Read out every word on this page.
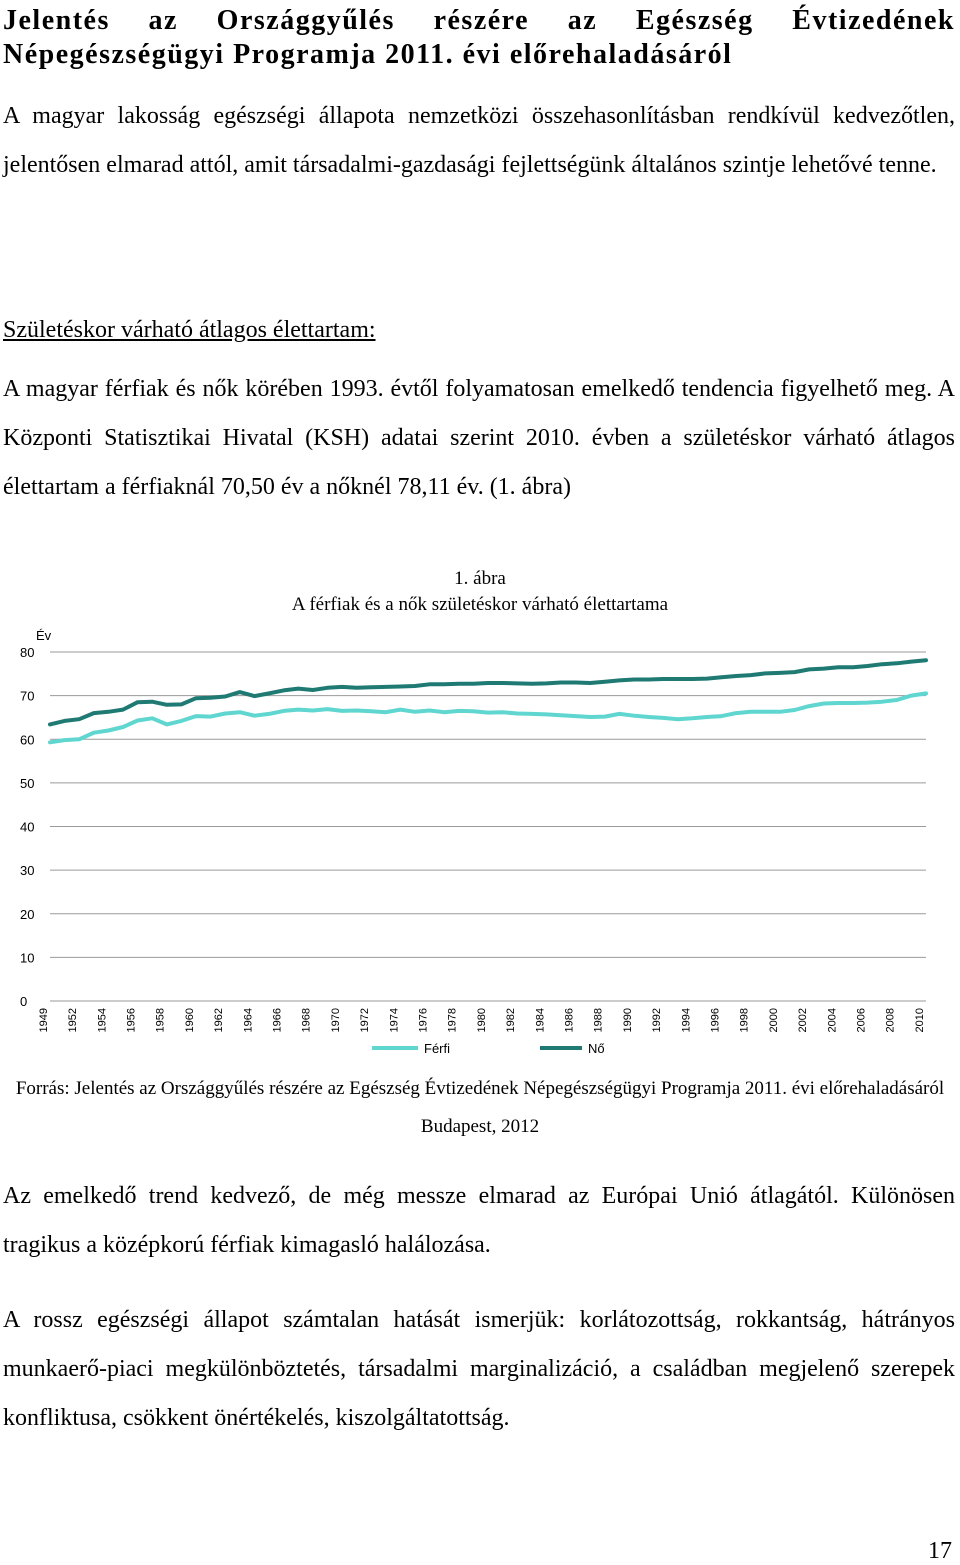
Jelentés az Országgyűlés részére az Egészség Évtizedének Népegészségügyi Programja 2011. évi előrehaladásáról

A magyar lakosság egészségi állapota nemzetközi összehasonlításban rendkívül kedvezőtlen, jelentősen elmarad attól, amit társadalmi-gazdasági fejlettségünk általános szintje lehetővé tenne.

Születéskor várható átlagos élettartam:

A magyar férfiak és nők körében 1993. évtől folyamatosan emelkedő tendencia figyelhető meg. A Központi Statisztikai Hivatal (KSH) adatai szerint 2010. évben a születéskor várható átlagos élettartam a férfiaknál 70,50 év a nőknél 78,11 év. (1. ábra)

1. ábra
A férfiak és a nők születéskor várható élettartama
Év
0
10
20
30
40
50
60
70
80
1949 1952 1954 1956 1958 1960 1962 1964 1966 1968 1970 1972 1974 1976 1978 1980 1982 1984 1986 1988 1990 1992 1994 1996 1998 2000 2002 2004 2006 2008 2010
Férfi	Nő
Forrás: Jelentés az Országgyűlés részére az Egészség Évtizedének Népegészségügyi Programja 2011. évi előrehaladásáról Budapest, 2012

Az emelkedő trend kedvező, de még messze elmarad az Európai Unió átlagától. Különösen tragikus a középkorú férfiak kimagasló halálozása.

A rossz egészségi állapot számtalan hatását ismerjük: korlátozottság, rokkantság, hátrányos munkaerő-piaci megkülönböztetés, társadalmi marginalizáció, a családban megjelenő szerepek konfliktusa, csökkent önértékelés, kiszolgáltatottság.

17
